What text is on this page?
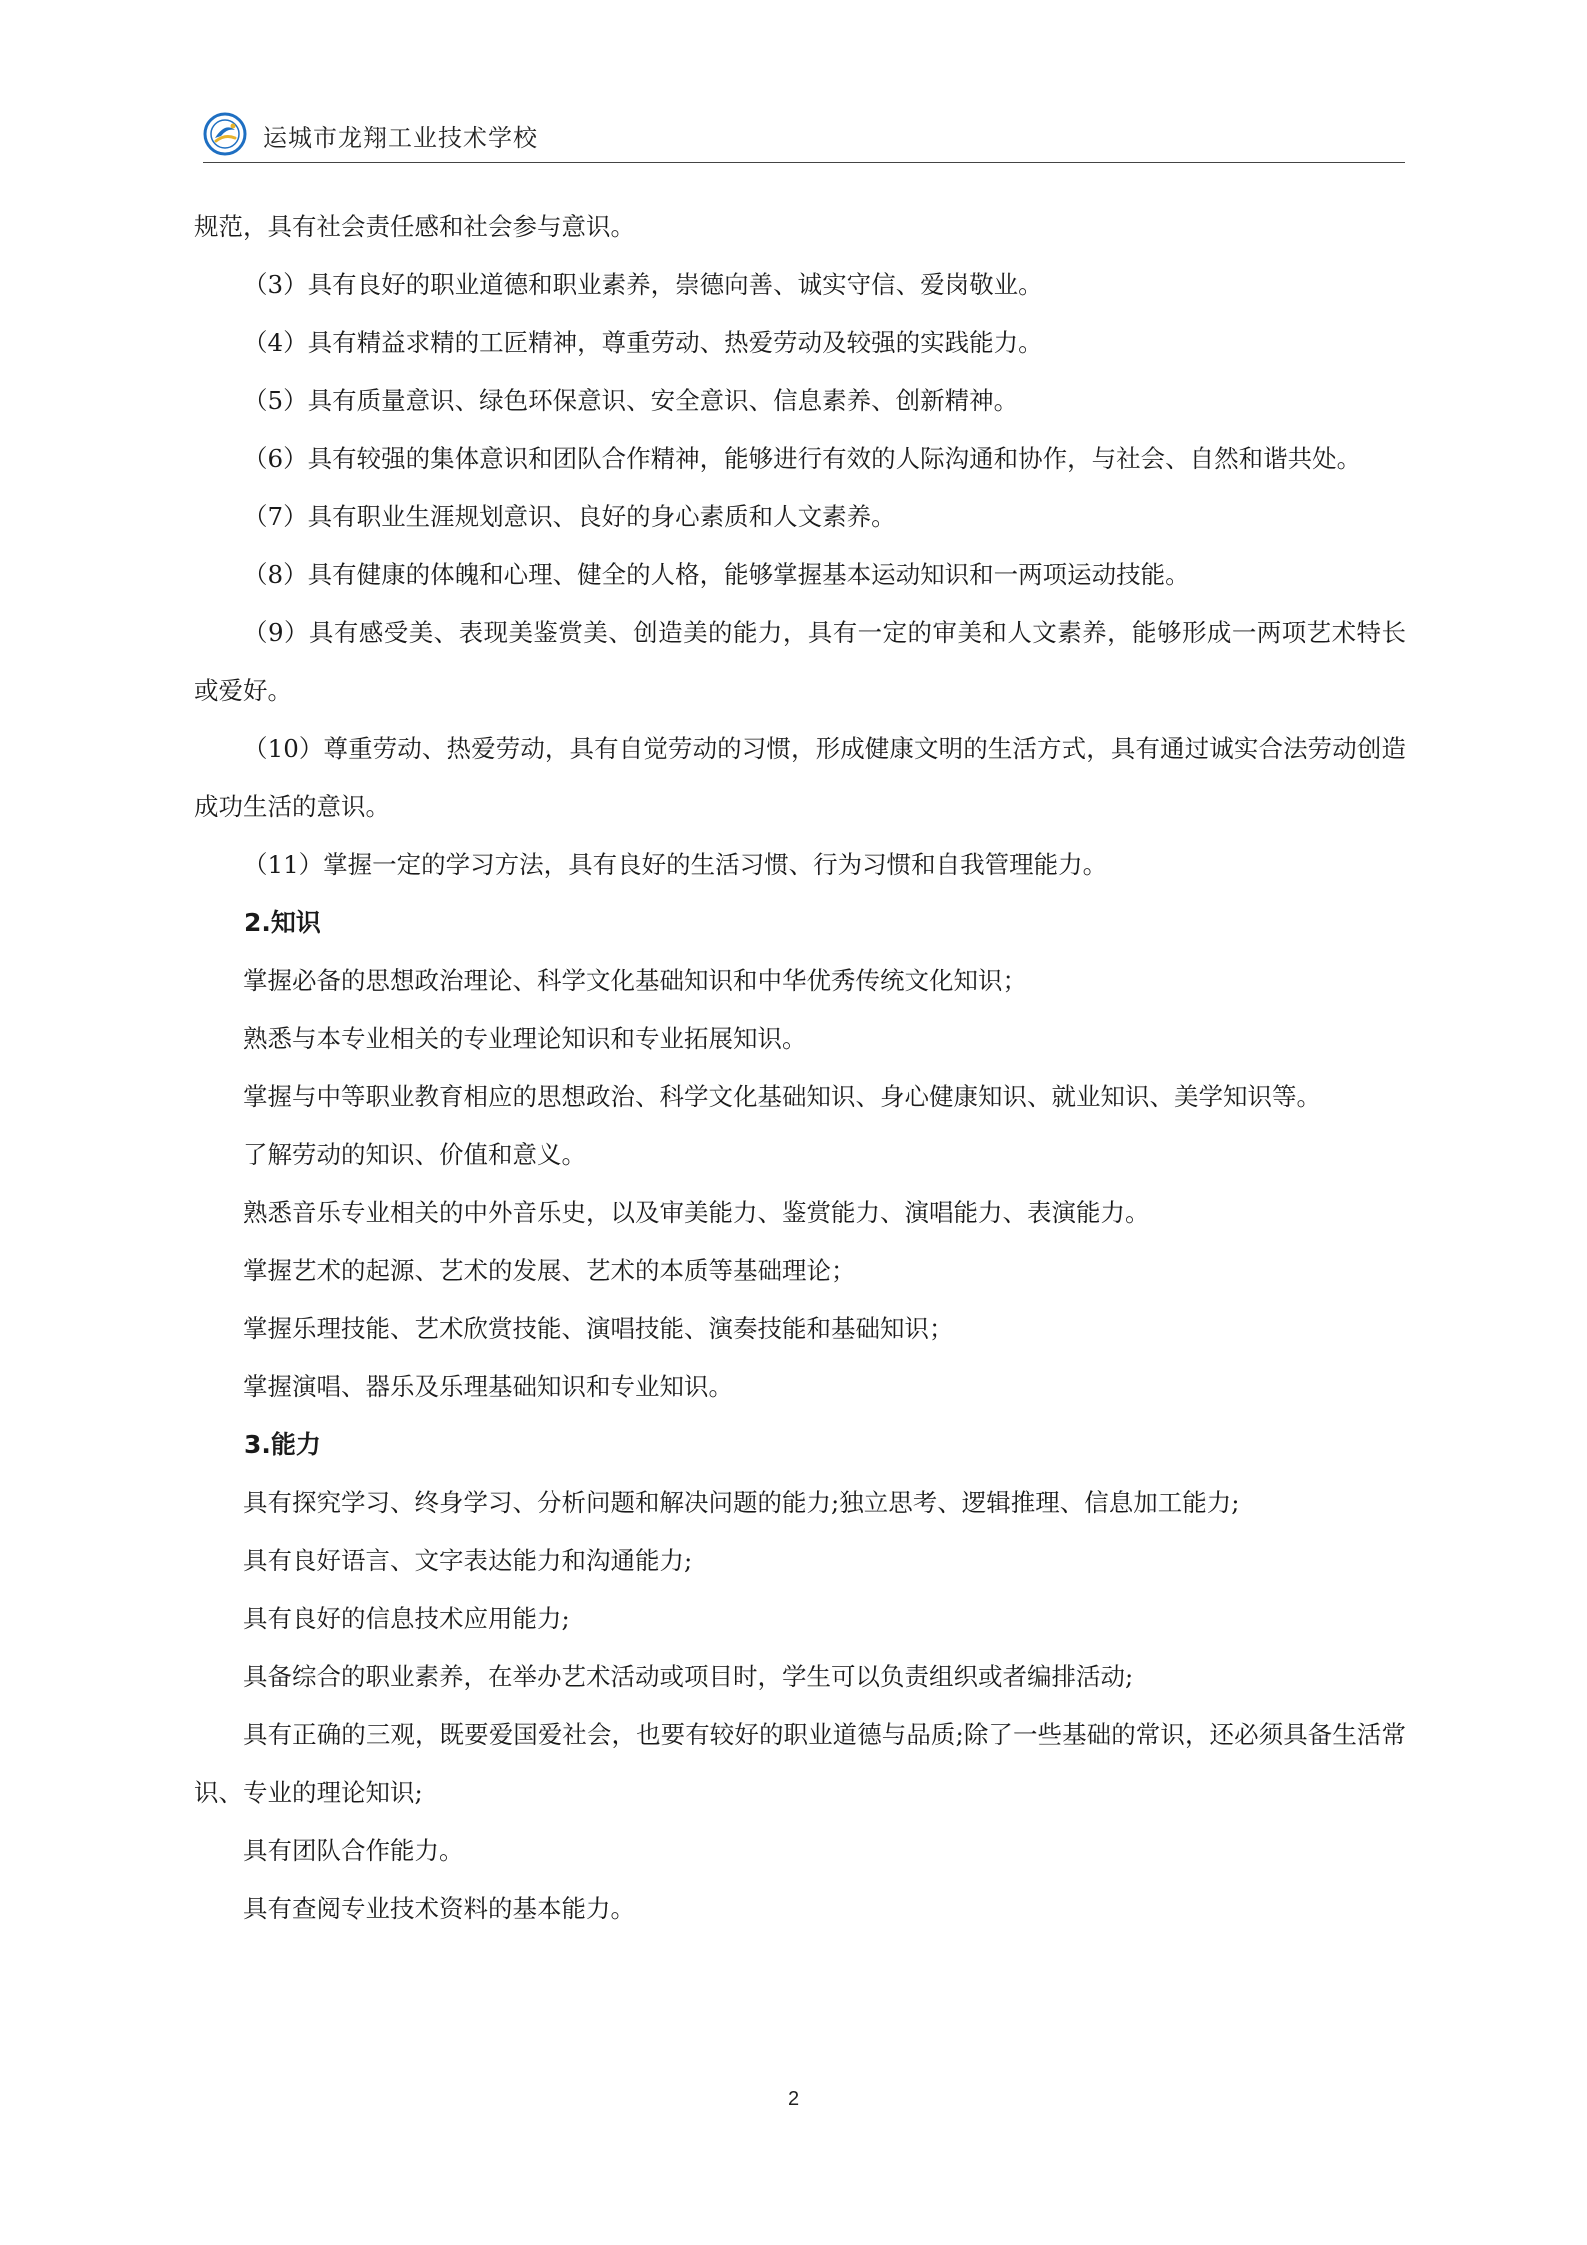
运城市龙翔工业技术学校

规范，具有社会责任感和社会参与意识。

（3）具有良好的职业道德和职业素养，崇德向善、诚实守信、爱岗敬业。

（4）具有精益求精的工匠精神，尊重劳动、热爱劳动及较强的实践能力。

（5）具有质量意识、绿色环保意识、安全意识、信息素养、创新精神。

（6）具有较强的集体意识和团队合作精神，能够进行有效的人际沟通和协作，与社会、自然和谐共处。

（7）具有职业生涯规划意识、良好的身心素质和人文素养。

（8）具有健康的体魄和心理、健全的人格，能够掌握基本运动知识和一两项运动技能。

（9）具有感受美、表现美鉴赏美、创造美的能力，具有一定的审美和人文素养，能够形成一两项艺术特长或爱好。

（10）尊重劳动、热爱劳动，具有自觉劳动的习惯，形成健康文明的生活方式，具有通过诚实合法劳动创造成功生活的意识。

（11）掌握一定的学习方法，具有良好的生活习惯、行为习惯和自我管理能力。

2.知识

掌握必备的思想政治理论、科学文化基础知识和中华优秀传统文化知识；

熟悉与本专业相关的专业理论知识和专业拓展知识。

掌握与中等职业教育相应的思想政治、科学文化基础知识、身心健康知识、就业知识、美学知识等。

了解劳动的知识、价值和意义。

熟悉音乐专业相关的中外音乐史，以及审美能力、鉴赏能力、演唱能力、表演能力。

掌握艺术的起源、艺术的发展、艺术的本质等基础理论；

掌握乐理技能、艺术欣赏技能、演唱技能、演奏技能和基础知识；

掌握演唱、器乐及乐理基础知识和专业知识。

3.能力

具有探究学习、终身学习、分析问题和解决问题的能力;独立思考、逻辑推理、信息加工能力;

具有良好语言、文字表达能力和沟通能力;

具有良好的信息技术应用能力;

具备综合的职业素养，在举办艺术活动或项目时，学生可以负责组织或者编排活动;

具有正确的三观，既要爱国爱社会，也要有较好的职业道德与品质;除了一些基础的常识，还必须具备生活常识、专业的理论知识;

具有团队合作能力。

具有查阅专业技术资料的基本能力。

2
